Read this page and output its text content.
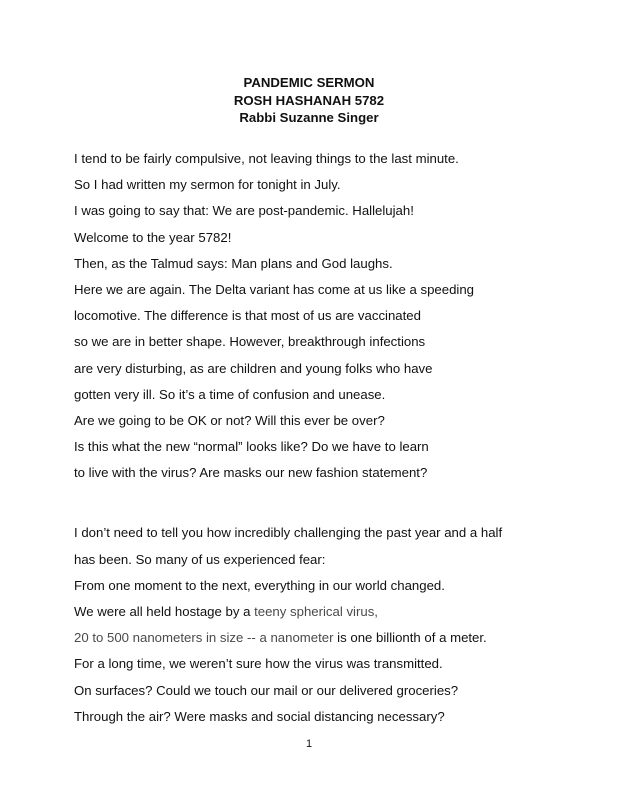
PANDEMIC SERMON
ROSH HASHANAH 5782
Rabbi Suzanne Singer
I tend to be fairly compulsive, not leaving things to the last minute.
So I had written my sermon for tonight in July.
I was going to say that: We are post-pandemic. Hallelujah!
Welcome to the year 5782!
Then, as the Talmud says: Man plans and God laughs.
Here we are again. The Delta variant has come at us like a speeding
locomotive. The difference is that most of us are vaccinated
so we are in better shape. However, breakthrough infections
are very disturbing, as are children and young folks who have
gotten very ill. So it’s a time of confusion and unease.
Are we going to be OK or not? Will this ever be over?
Is this what the new “normal” looks like? Do we have to learn
to live with the virus? Are masks our new fashion statement?
I don’t need to tell you how incredibly challenging the past year and a half
has been. So many of us experienced fear:
From one moment to the next, everything in our world changed.
We were all held hostage by a teeny spherical virus,
20 to 500 nanometers in size -- a nanometer is one billionth of a meter.
For a long time, we weren’t sure how the virus was transmitted.
On surfaces? Could we touch our mail or our delivered groceries?
Through the air? Were masks and social distancing necessary?
1
